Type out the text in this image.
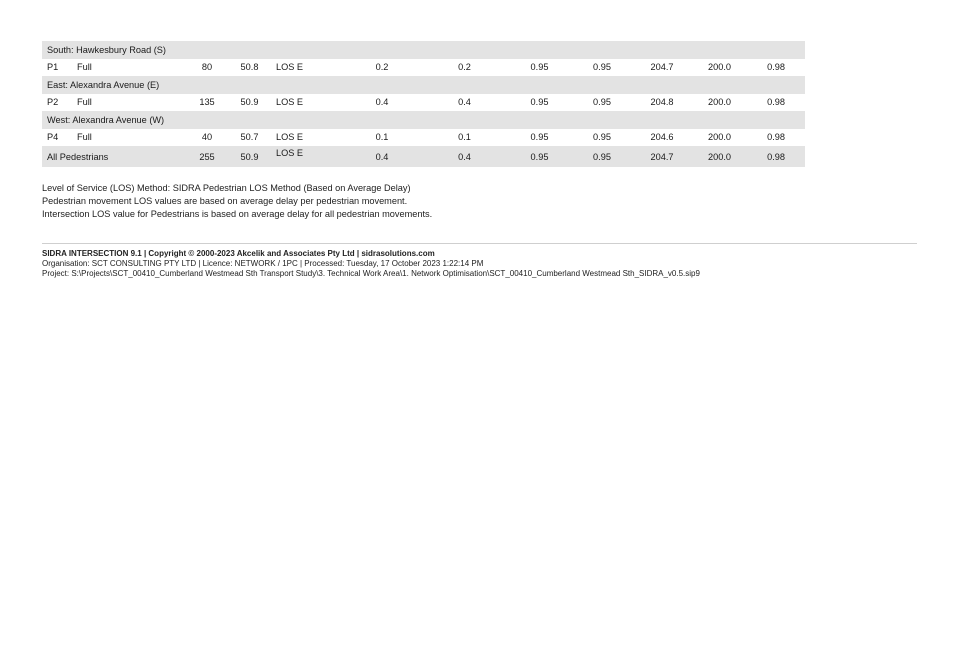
South: Hawkesbury Road (S)											
P1	Full	80	50.8	LOS E	0.2	0.2	0.95	0.95	204.7	200.0	0.98
East: Alexandra Avenue (E)											
P2	Full	135	50.9	LOS E	0.4	0.4	0.95	0.95	204.8	200.0	0.98
West: Alexandra Avenue (W)											
P4	Full	40	50.7	LOS E	0.1	0.1	0.95	0.95	204.6	200.0	0.98
All Pedestrians		255	50.9	LOS E	0.4	0.4	0.95	0.95	204.7	200.0	0.98
Level of Service (LOS) Method: SIDRA Pedestrian LOS Method (Based on Average Delay)
Pedestrian movement LOS values are based on average delay per pedestrian movement.
Intersection LOS value for Pedestrians is based on average delay for all pedestrian movements.
SIDRA INTERSECTION 9.1 | Copyright © 2000-2023 Akcelik and Associates Pty Ltd | sidrasolutions.com
Organisation: SCT CONSULTING PTY LTD | Licence: NETWORK / 1PC | Processed: Tuesday, 17 October 2023 1:22:14 PM
Project: S:\Projects\SCT_00410_Cumberland Westmead Sth Transport Study\3. Technical Work Area\1. Network Optimisation\SCT_00410_Cumberland Westmead Sth_SIDRA_v0.5.sip9
